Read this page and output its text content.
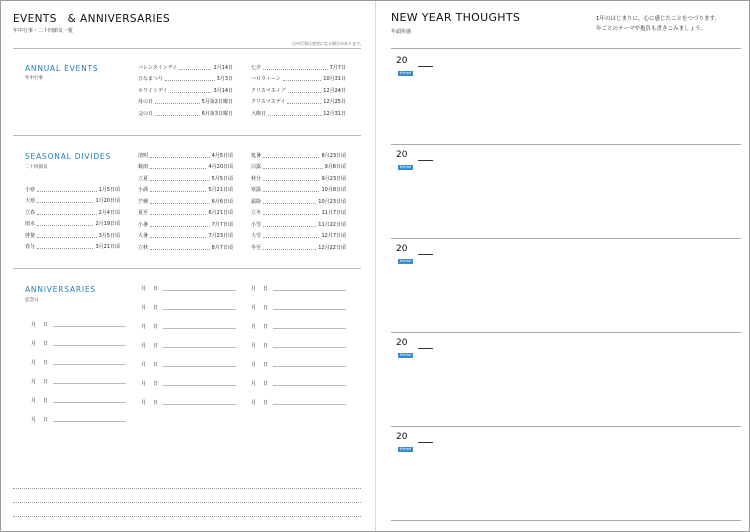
EVENTS　& ANNIVERSARIES
年中行事・二十四節気一覧
日中行事は変更になる場合があります。
ANNUAL EVENTS
年中行事
バレンタインデイ	2月14日
ひなまつり	3月3日
ホワイトデイ	3月14日
母の日	5月第2日曜日
父の日	6月第3日曜日
七夕	7月7日
ハロウィーン	10月31日
クリスマスイブ	12月24日
クリスマスデイ	12月25日
大晦日	12月31日
SEASONAL DIVIDES
二十四節気
小寒	1月5日頃
大寒	1月20日頃
立春	2月4日頃
雨水	2月19日頃
啓蟄	3月5日頃
春分	3月21日頃
清明	4月5日頃
穀雨	4月20日頃
立夏	5月5日頃
小満	5月21日頃
芒種	6月6日頃
夏至	6月21日頃
小暑	7月7日頃
大暑	7月23日頃
立秋	8月7日頃
処暑	8月23日頃
白露	9月8日頃
秋分	9月23日頃
寒露	10月8日頃
霜降	10月23日頃
立冬	11月7日頃
小雪	11月22日頃
大雪	12月7日頃
冬至	12月22日頃
ANNIVERSARIES
記念日
月	日
月	日
月	日
月	日
月	日
月	日
月	日
月	日
月	日
月	日
月	日
月	日
月	日
月	日
月	日
月	日
月	日
月	日
月	日
月	日
NEW YEAR THOUGHTS
年頭所感
1年のはじまりに、心に感じたことをつづります。
年ごとのテーマや抱負も書きこみましょう。
20
theme
20
theme
20
theme
20
theme
20
theme
